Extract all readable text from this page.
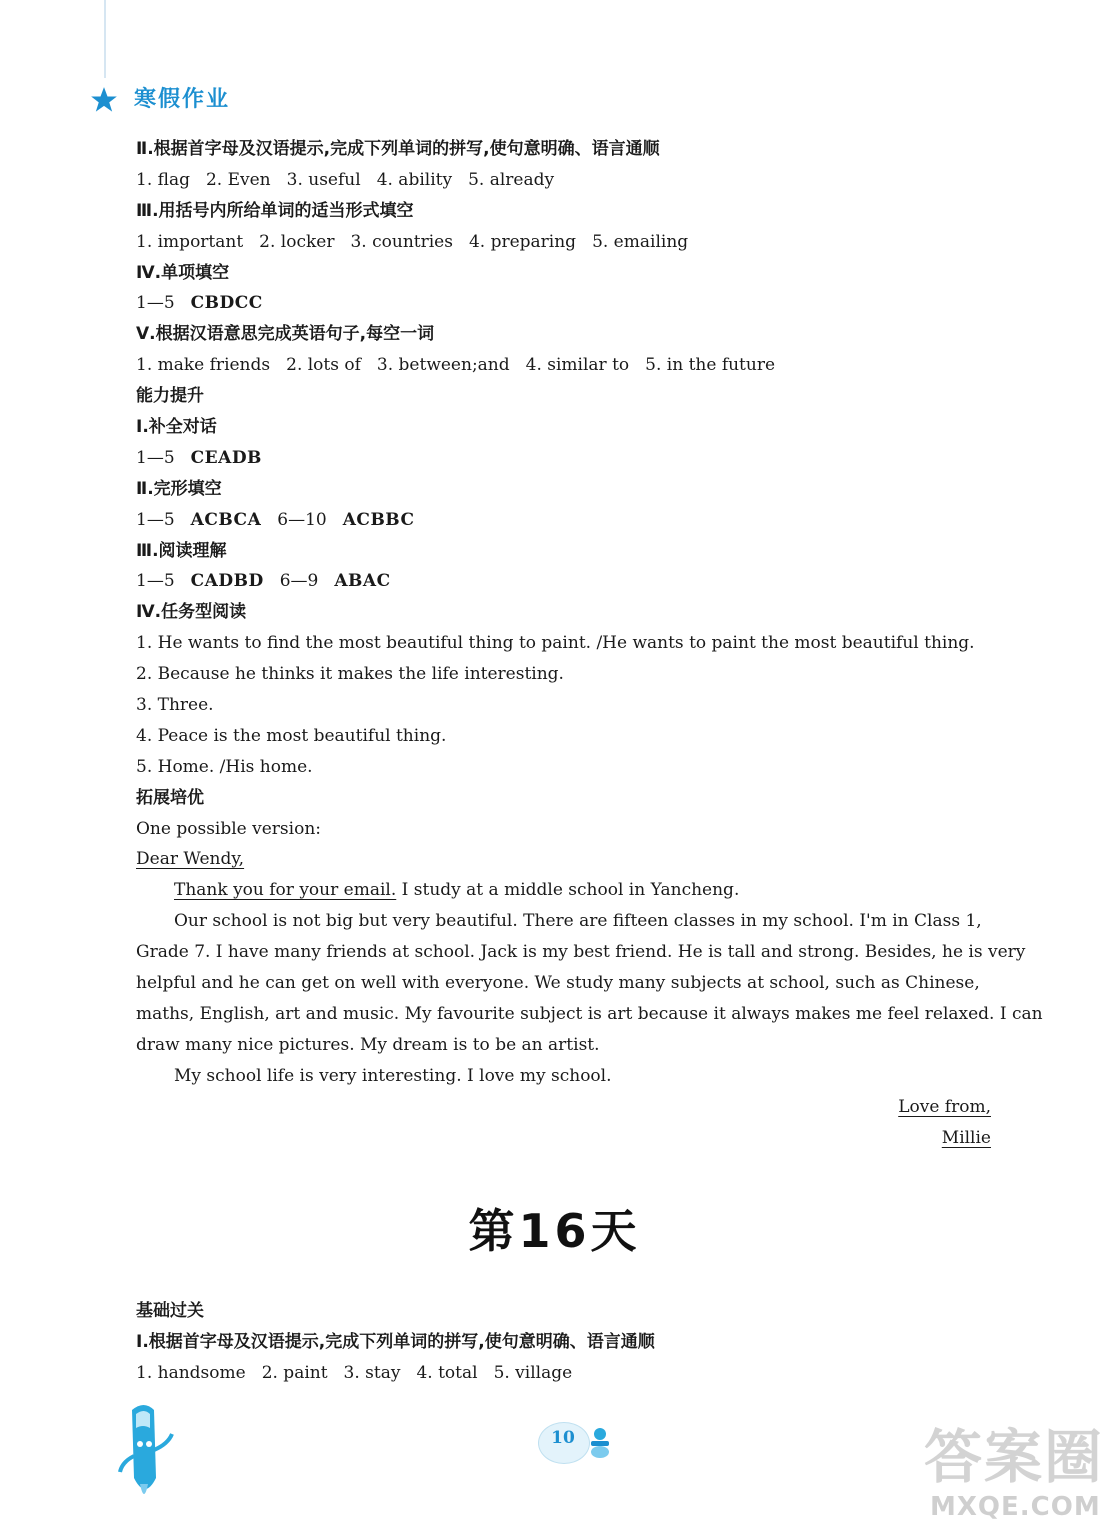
寒假作业
Ⅱ.根据首字母及汉语提示,完成下列单词的拼写,使句意明确、语言通顺
1. flag 2. Even 3. useful 4. ability 5. already
Ⅲ.用括号内所给单词的适当形式填空
1. important 2. locker 3. countries 4. preparing 5. emailing
Ⅳ.单项填空
1—5 CBDCC
Ⅴ.根据汉语意思完成英语句子,每空一词
1. make friends 2. lots of 3. between;and 4. similar to 5. in the future
能力提升
Ⅰ.补全对话
1—5 CEADB
Ⅱ.完形填空
1—5 ACBCA 6—10 ACBBC
Ⅲ.阅读理解
1—5 CADBD 6—9 ABAC
Ⅳ.任务型阅读
1. He wants to find the most beautiful thing to paint. /He wants to paint the most beautiful thing.
2. Because he thinks it makes the life interesting.
3. Three.
4. Peace is the most beautiful thing.
5. Home. /His home.
拓展培优
One possible version:
Dear Wendy,
Thank you for your email. I study at a middle school in Yancheng.
Our school is not big but very beautiful. There are fifteen classes in my school. I'm in Class 1,
Grade 7. I have many friends at school. Jack is my best friend. He is tall and strong. Besides, he is very
helpful and he can get on well with everyone. We study many subjects at school, such as Chinese,
maths, English, art and music. My favourite subject is art because it always makes me feel relaxed. I can
draw many nice pictures. My dream is to be an artist.
My school life is very interesting. I love my school.
Love from,
Millie
第16天
基础过关
Ⅰ.根据首字母及汉语提示,完成下列单词的拼写,使句意明确、语言通顺
1. handsome 2. paint 3. stay 4. total 5. village
10	答案圈
MXQE.COM
